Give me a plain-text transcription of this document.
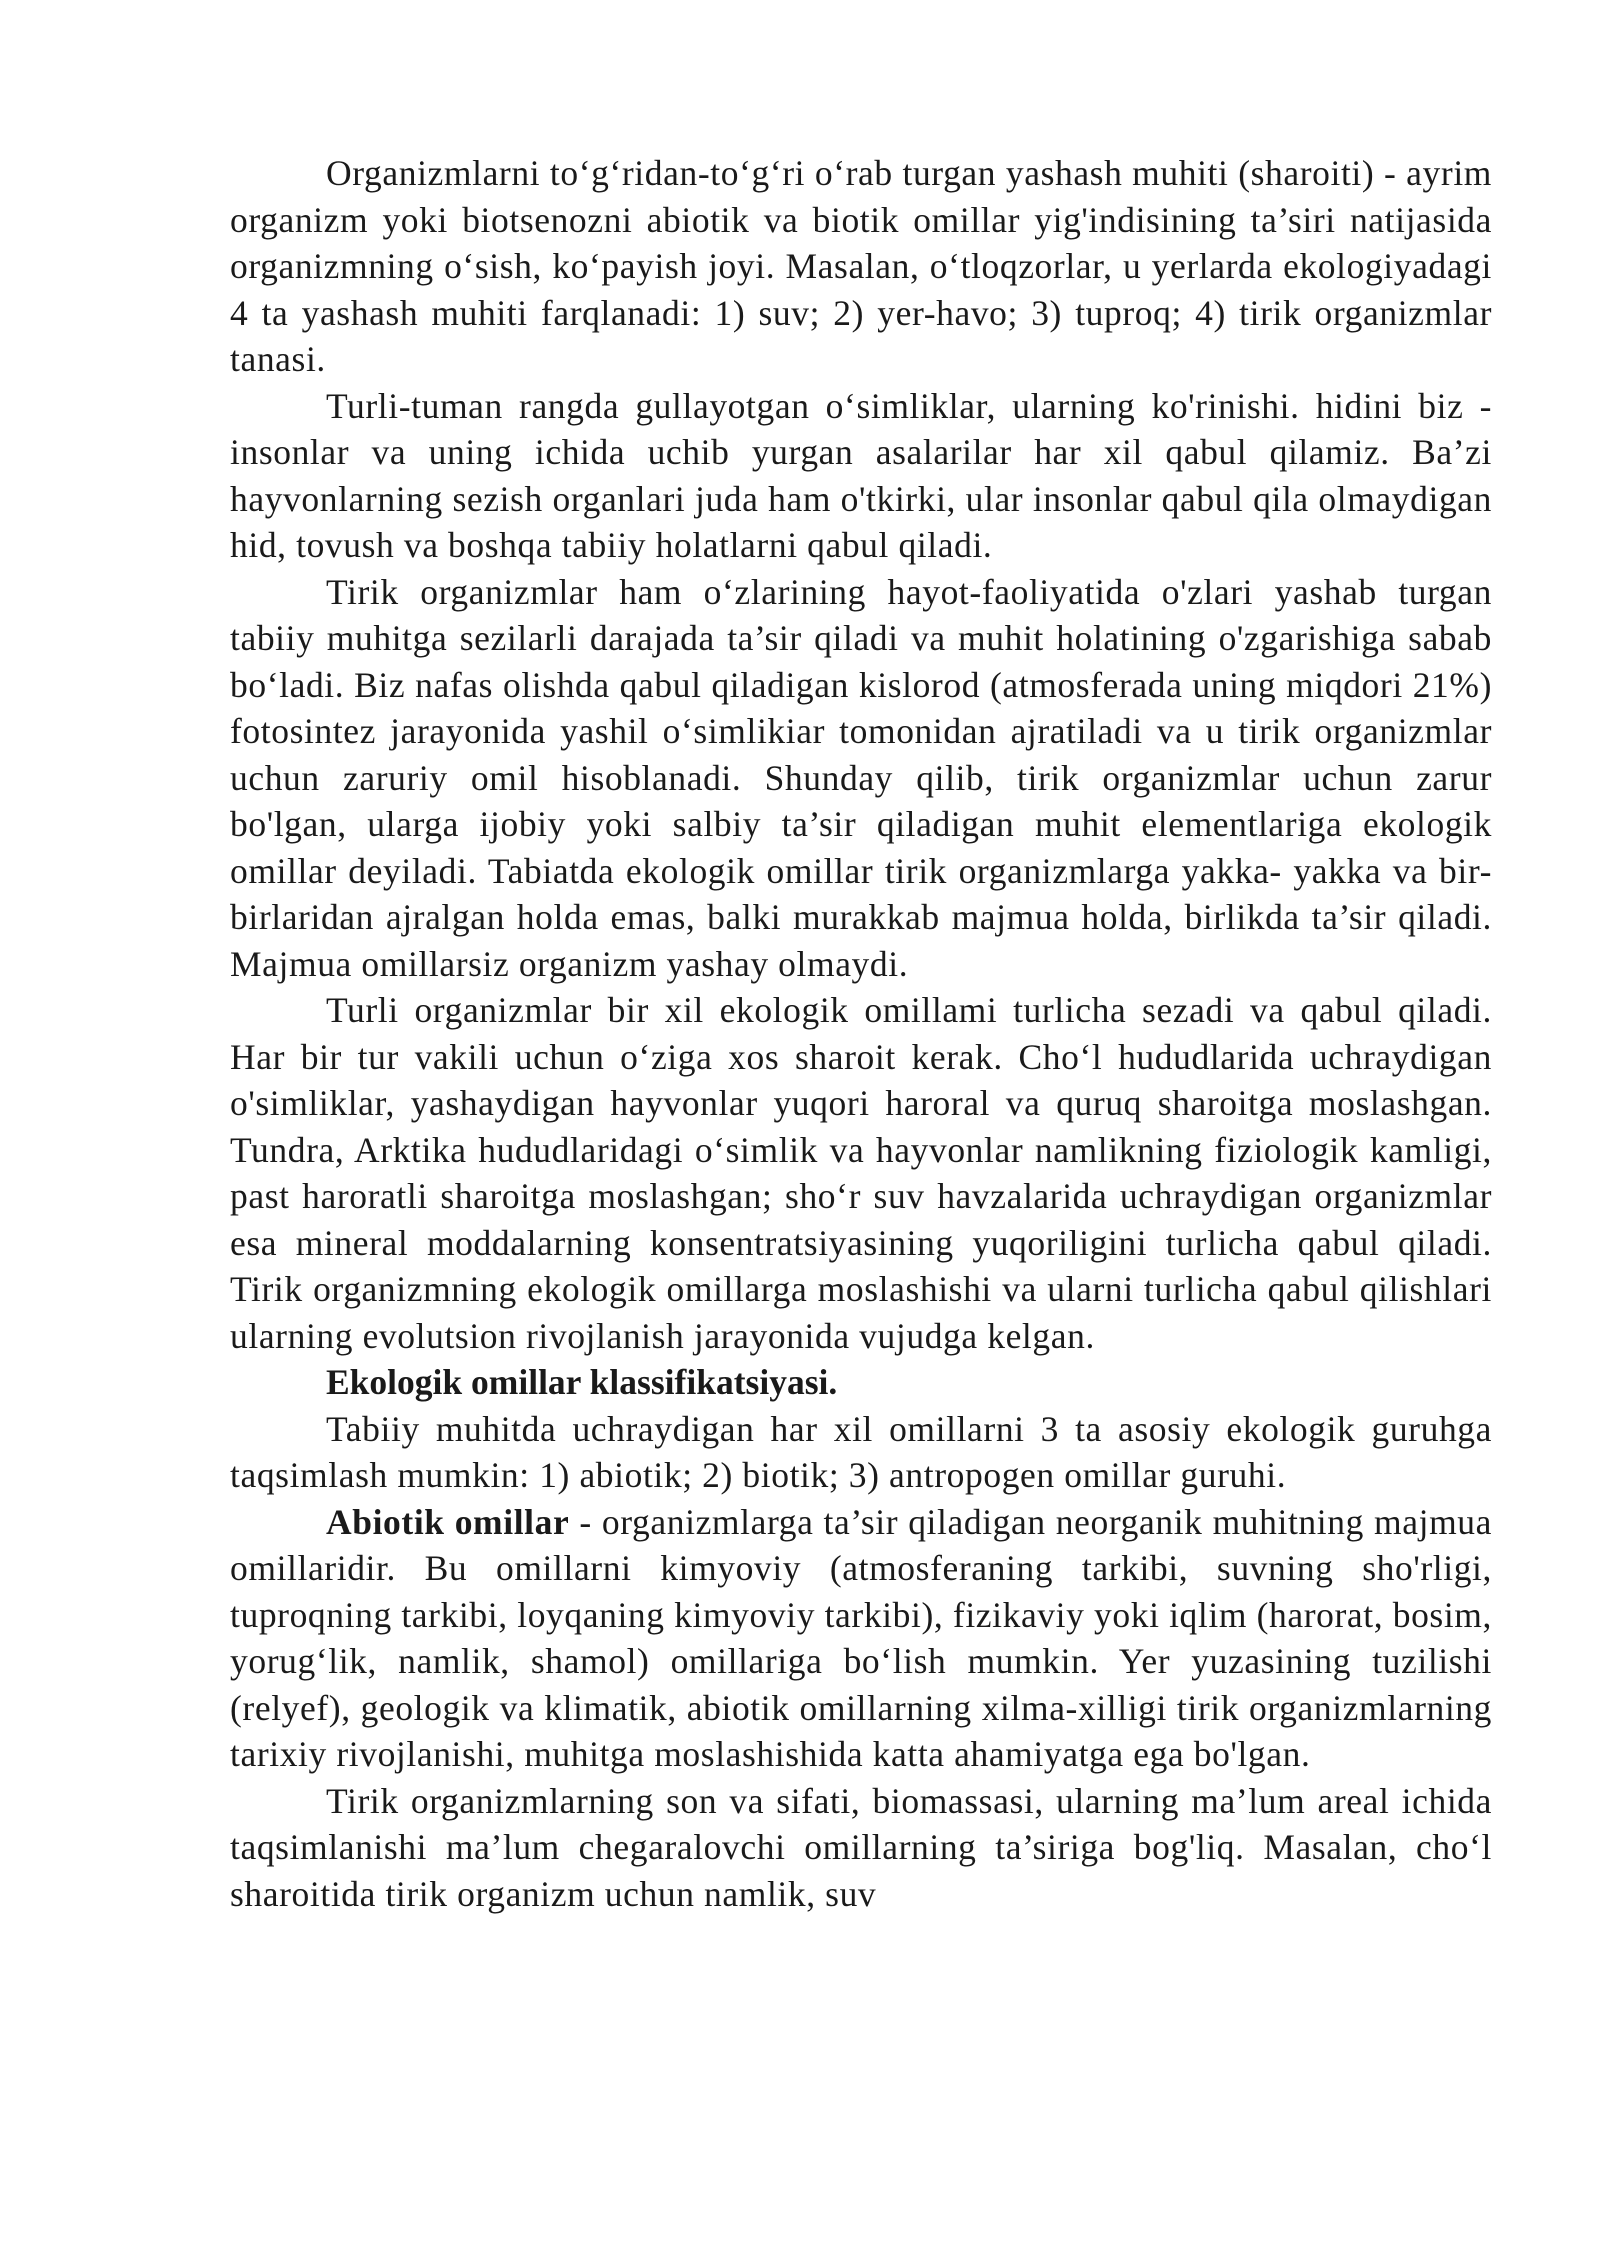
Organizmlarni to‘g‘ridan-to‘g‘ri o‘rab turgan yashash muhiti (sharoiti) - ayrim organizm yoki biotsenozni abiotik va biotik omillar yig'indisining ta’siri natijasida organizmning o‘sish, ko‘payish joyi. Masalan, o‘tloqzorlar, u yerlarda ekologiyadagi 4 ta yashash muhiti farqlanadi: 1) suv; 2) yer-havo; 3) tuproq; 4) tirik organizmlar tanasi.

Turli-tuman rangda gullayotgan o‘simliklar, ularning ko'rinishi. hidini biz - insonlar va uning ichida uchib yurgan asalarilar har xil qabul qilamiz. Ba’zi hayvonlarning sezish organlari juda ham o'tkirki, ular insonlar qabul qila olmaydigan hid, tovush va boshqa tabiiy holatlarni qabul qiladi.

Tirik organizmlar ham o‘zlarining hayot-faoliyatida o'zlari yashab turgan tabiiy muhitga sezilarli darajada ta’sir qiladi va muhit holatining o'zgarishiga sabab bo‘ladi. Biz nafas olishda qabul qiladigan kislorod (atmosferada uning miqdori 21%) fotosintez jarayonida yashil o‘simlikiar tomonidan ajratiladi va u tirik organizmlar uchun zaruriy omil hisoblanadi. Shunday qilib, tirik organizmlar uchun zarur bo'lgan, ularga ijobiy yoki salbiy ta’sir qiladigan muhit elementlariga ekologik omillar deyiladi. Tabiatda ekologik omillar tirik organizmlarga yakka- yakka va bir-birlaridan ajralgan holda emas, balki murakkab majmua holda, birlikda ta’sir qiladi. Majmua omillarsiz organizm yashay olmaydi.

Turli organizmlar bir xil ekologik omillami turlicha sezadi va qabul qiladi. Har bir tur vakili uchun o‘ziga xos sharoit kerak. Cho‘l hududlarida uchraydigan o'simliklar, yashaydigan hayvonlar yuqori haroral va quruq sharoitga moslashgan. Tundra, Arktika hududlaridagi o‘simlik va hayvonlar namlikning fiziologik kamligi, past haroratli sharoitga moslashgan; sho‘r suv havzalarida uchraydigan organizmlar esa mineral moddalarning konsentratsiyasining yuqoriligini turlicha qabul qiladi. Tirik organizmning ekologik omillarga moslashishi va ularni turlicha qabul qilishlari ularning evolutsion rivojlanish jarayonida vujudga kelgan.

Ekologik omillar klassifikatsiyasi.

Tabiiy muhitda uchraydigan har xil omillarni 3 ta asosiy ekologik guruhga taqsimlash mumkin: 1) abiotik; 2) biotik; 3) antropogen omillar guruhi.

Abiotik omillar - organizmlarga ta’sir qiladigan neorganik muhitning majmua omillaridir. Bu omillarni kimyoviy (atmosferaning tarkibi, suvning sho'rligi, tuproqning tarkibi, loyqaning kimyoviy tarkibi), fizikaviy yoki iqlim (harorat, bosim, yorug‘lik, namlik, shamol) omillariga bo‘lish mumkin. Yer yuzasining tuzilishi (relyef), geologik va klimatik, abiotik omillarning xilma-xilligi tirik organizmlarning tarixiy rivojlanishi, muhitga moslashishida katta ahamiyatga ega bo'lgan.

Tirik organizmlarning son va sifati, biomassasi, ularning ma’lum areal ichida taqsimlanishi ma’lum chegaralovchi omillarning ta’siriga bog'liq. Masalan, cho‘l sharoitida tirik organizm uchun namlik, suv
